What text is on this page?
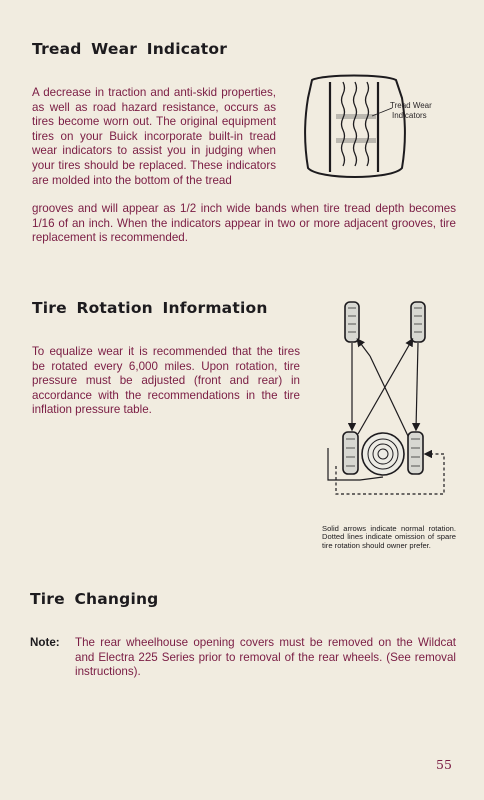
Tread Wear Indicator

A decrease in traction and anti-skid properties, as well as road hazard resistance, occurs as tires become worn out. The original equipment tires on your Buick incorporate built-in tread wear indicators to assist you in judging when your tires should be replaced. These indicators are molded into the bottom of the tread

grooves and will appear as 1/2 inch wide bands when tire tread depth becomes 1/16 of an inch. When the indicators appear in two or more adjacent grooves, tire replacement is recommended.

Tread Wear
Indicators
Tire Rotation Information

To equalize wear it is recommended that the tires be rotated every 6,000 miles. Upon rotation, tire pressure must be adjusted (front and rear) in accordance with the recommendations in the tire inflation pressure table.

Solid arrows indicate normal rotation. Dotted lines indicate omission of spare tire rotation should owner prefer.

Tire Changing
Note: The rear wheelhouse opening covers must be removed on the Wildcat and Electra 225 Series prior to removal of the rear wheels. (See removal instructions).

55
